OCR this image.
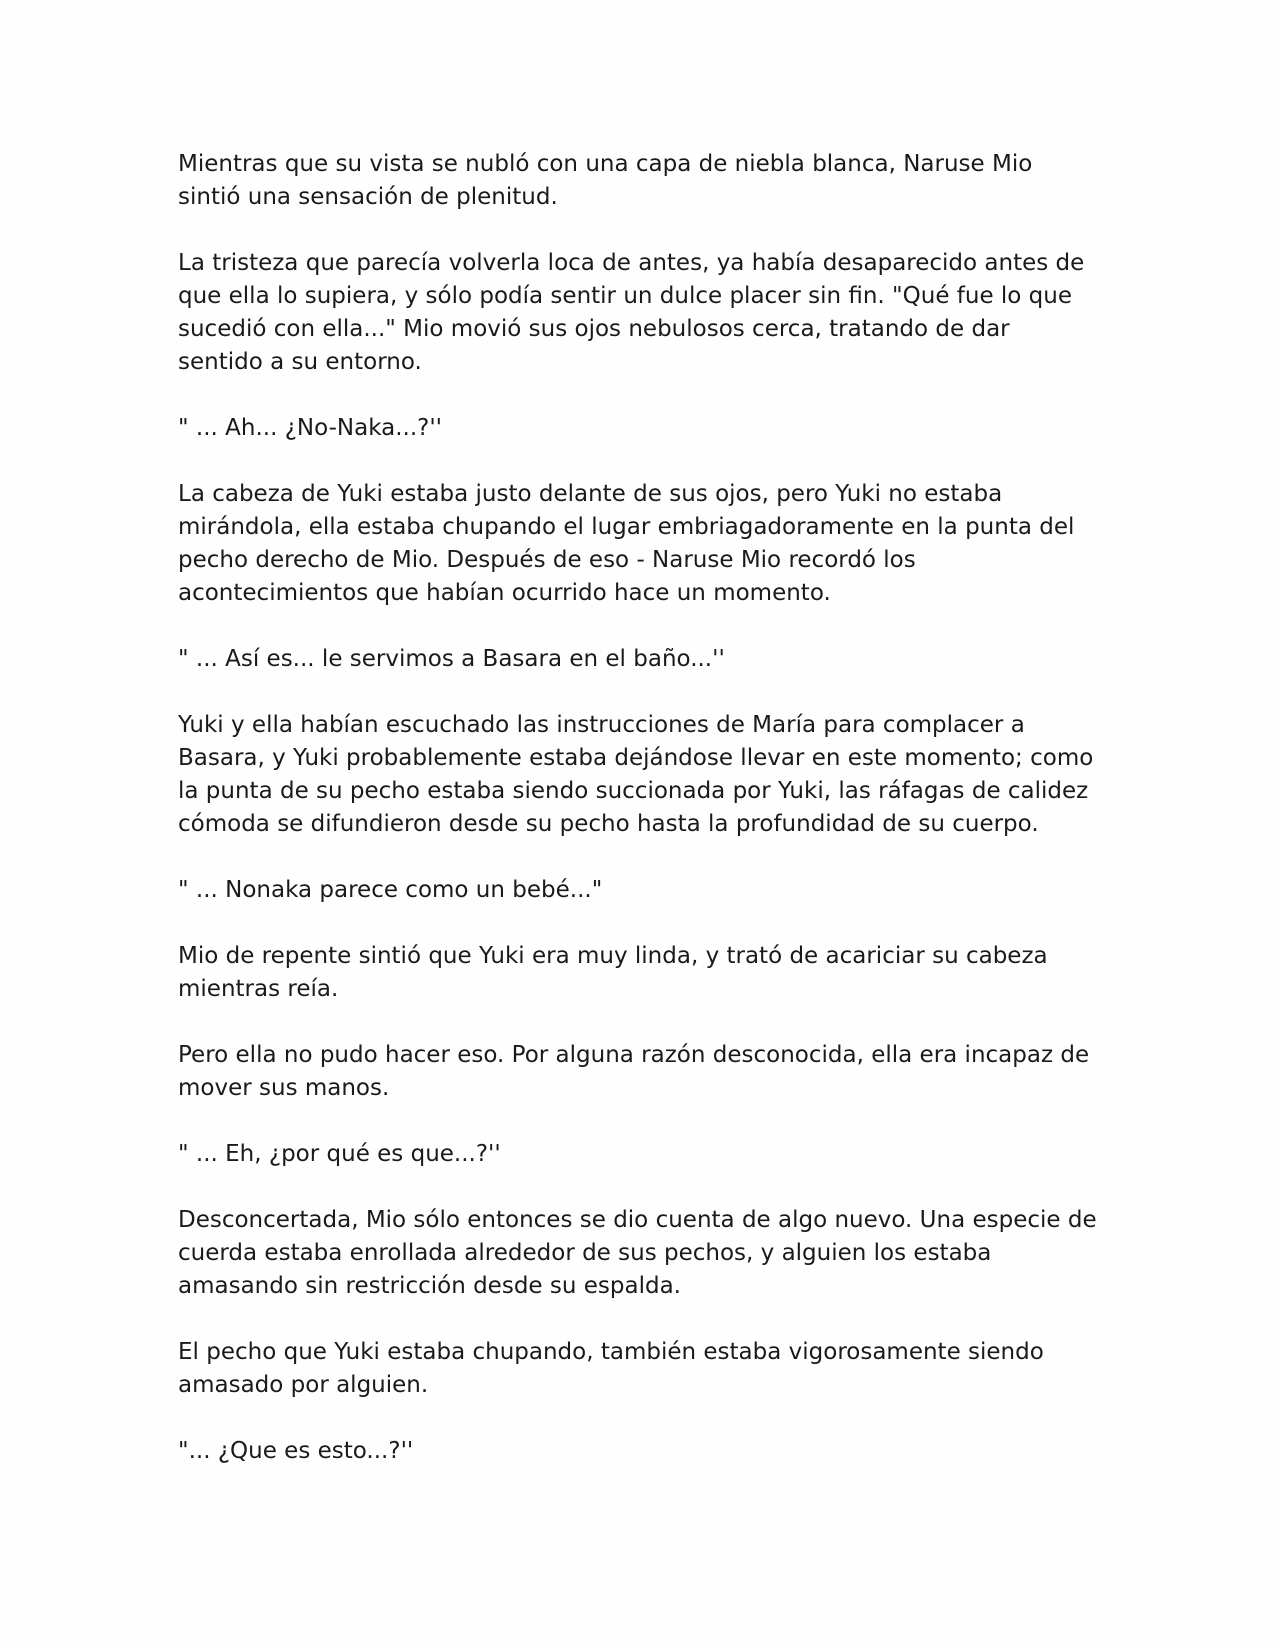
Mientras que su vista se nubló con una capa de niebla blanca, Naruse Mio sintió una sensación de plenitud.

La tristeza que parecía volverla loca de antes, ya había desaparecido antes de que ella lo supiera, y sólo podía sentir un dulce placer sin fin. "Qué fue lo que sucedió con ella..." Mio movió sus ojos nebulosos cerca, tratando de dar sentido a su entorno.

" ... Ah... ¿No-Naka...?''

La cabeza de Yuki estaba justo delante de sus ojos, pero Yuki no estaba mirándola, ella estaba chupando el lugar embriagadoramente en la punta del pecho derecho de Mio. Después de eso - Naruse Mio recordó los acontecimientos que habían ocurrido hace un momento.

" ... Así es... le servimos a Basara en el baño...''

Yuki y ella habían escuchado las instrucciones de María para complacer a Basara, y Yuki probablemente estaba dejándose llevar en este momento; como la punta de su pecho estaba siendo succionada por Yuki, las ráfagas de calidez cómoda se difundieron desde su pecho hasta la profundidad de su cuerpo.

" ... Nonaka parece como un bebé..."

Mio de repente sintió que Yuki era muy linda, y trató de acariciar su cabeza mientras reía.

Pero ella no pudo hacer eso. Por alguna razón desconocida, ella era incapaz de mover sus manos.

" ... Eh, ¿por qué es que...?''

Desconcertada, Mio sólo entonces se dio cuenta de algo nuevo. Una especie de cuerda estaba enrollada alrededor de sus pechos, y alguien los estaba amasando sin restricción desde su espalda.

El pecho que Yuki estaba chupando, también estaba vigorosamente siendo amasado por alguien.

"... ¿Que es esto...?''
